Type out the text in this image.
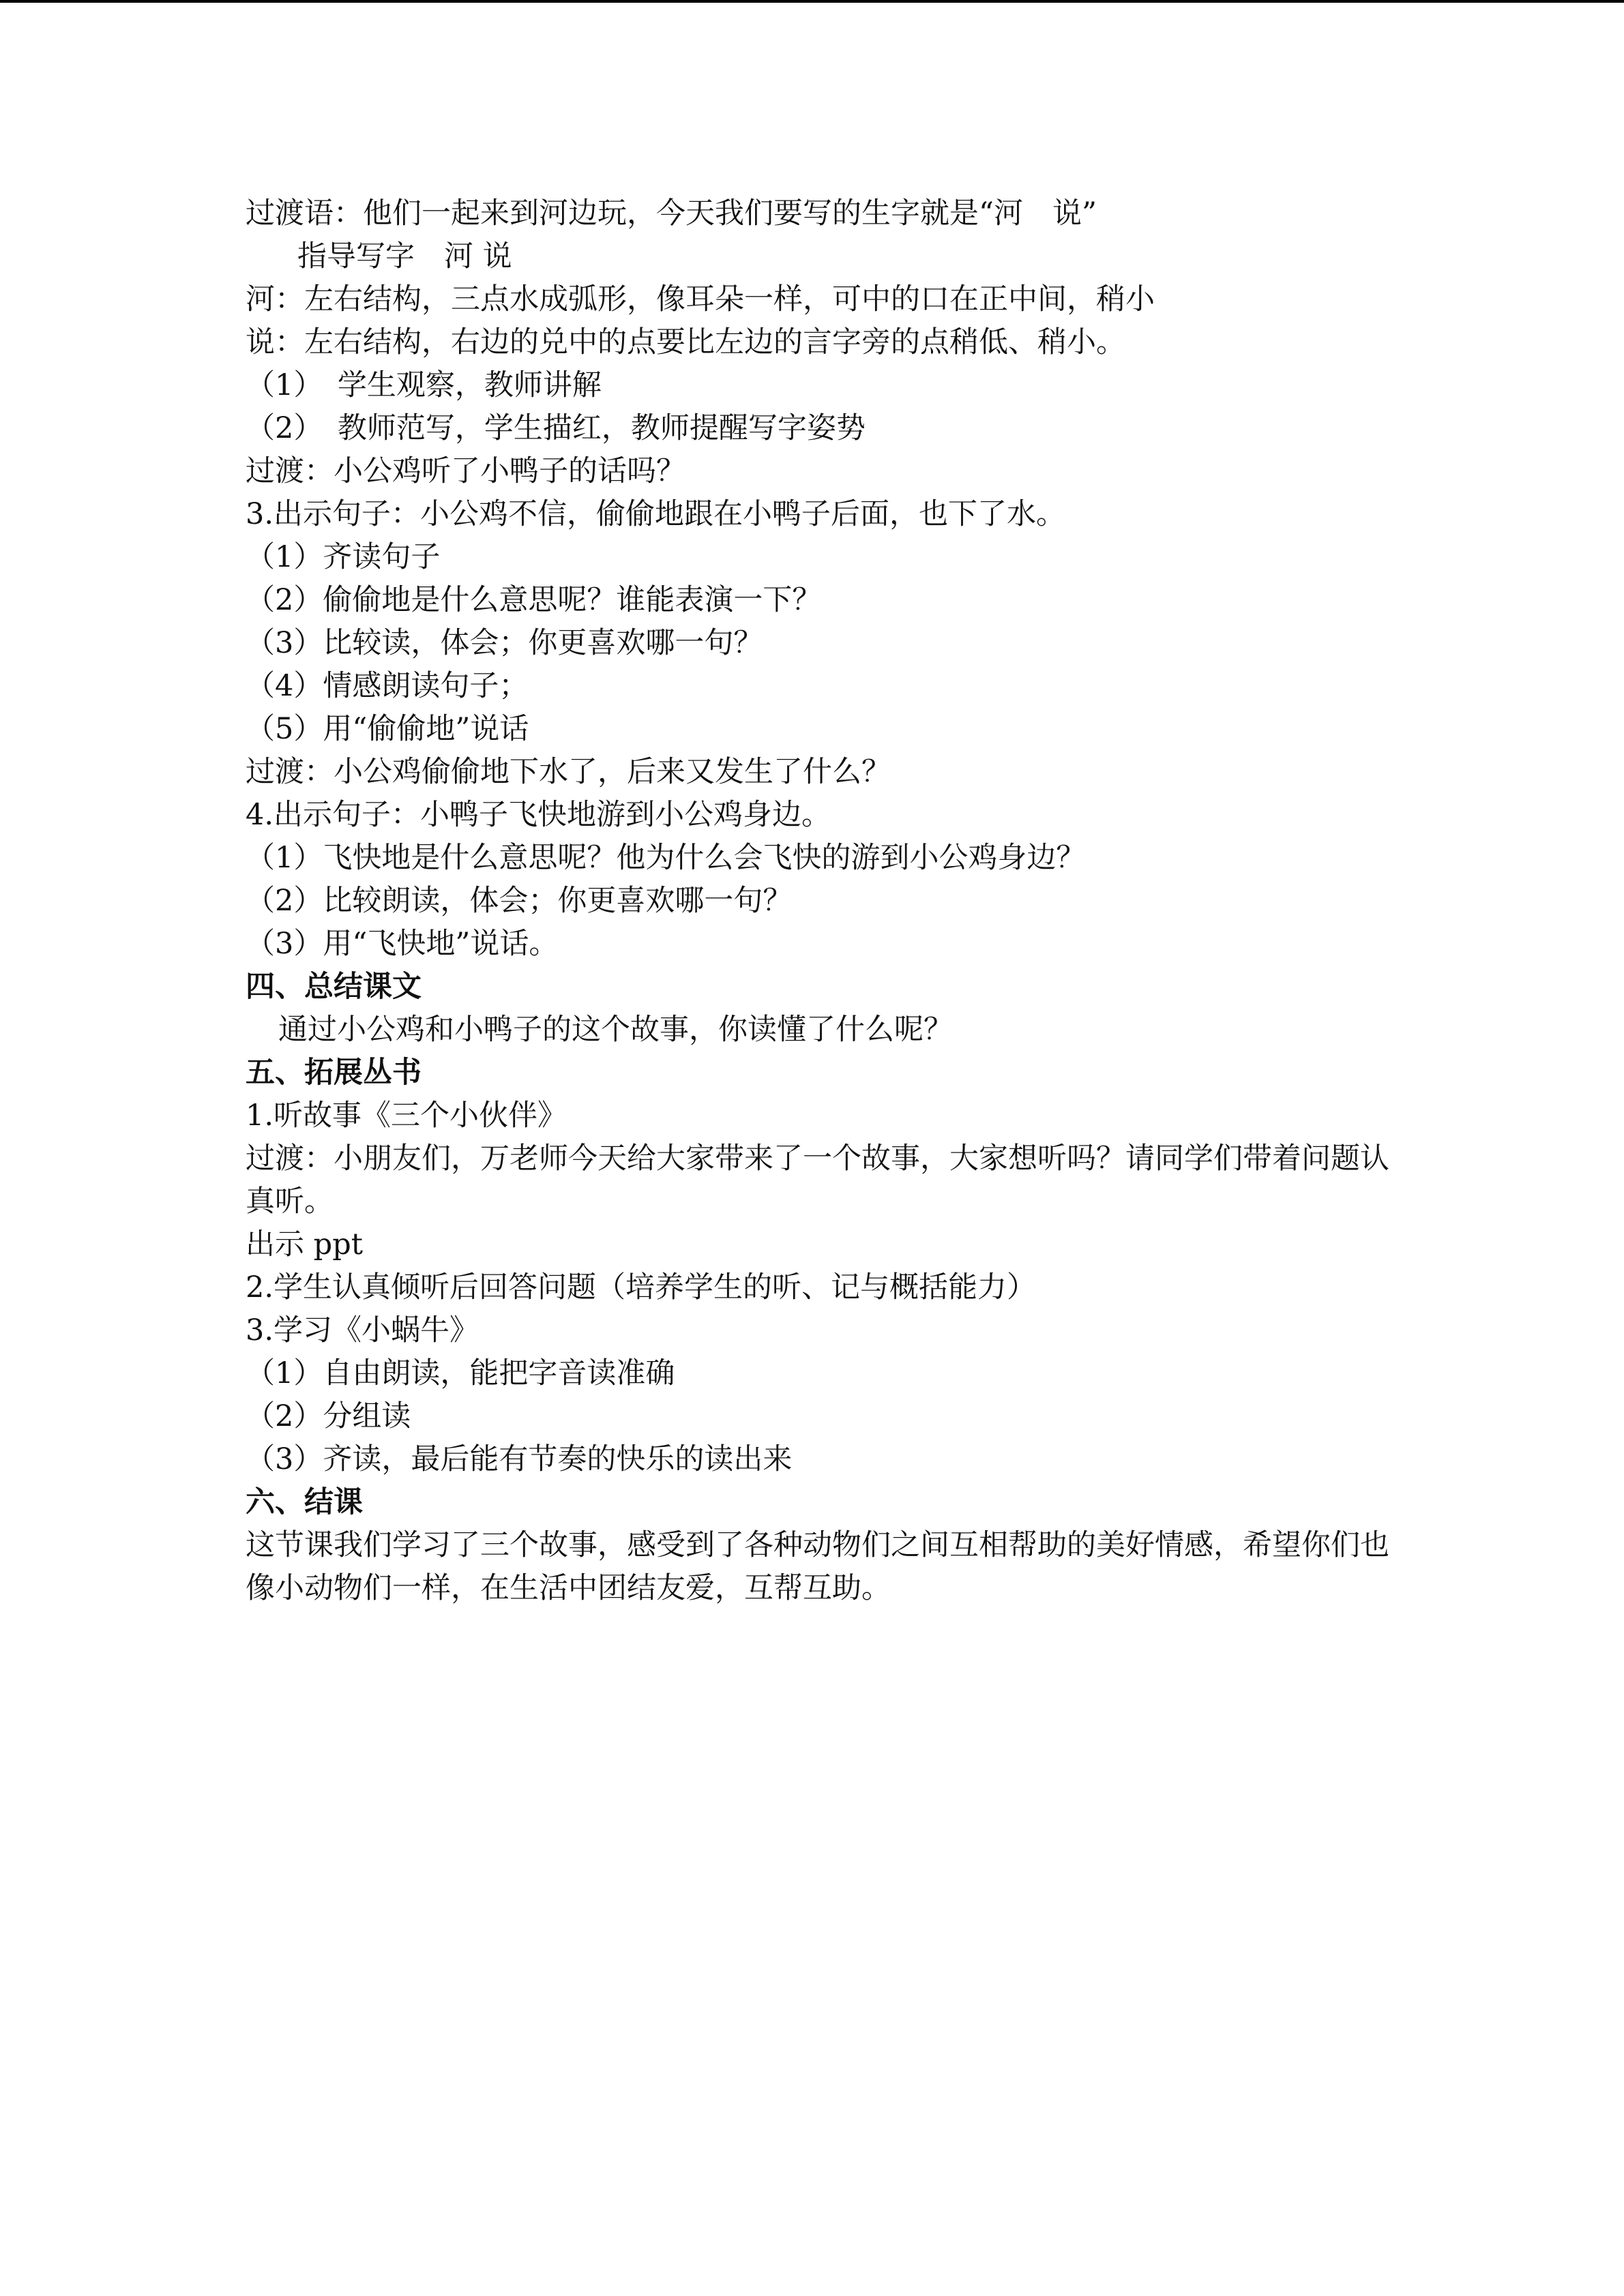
过渡语：他们一起来到河边玩，今天我们要写的生字就是“河　说”
指导写字　河 说
河：左右结构，三点水成弧形，像耳朵一样，可中的口在正中间，稍小
说：左右结构，右边的兑中的点要比左边的言字旁的点稍低、稍小。
（1）　学生观察，教师讲解
（2）　教师范写，学生描红，教师提醒写字姿势
过渡：小公鸡听了小鸭子的话吗？
3.出示句子：小公鸡不信，偷偷地跟在小鸭子后面，也下了水。
（1）齐读句子
（2）偷偷地是什么意思呢？谁能表演一下？
（3）比较读，体会；你更喜欢哪一句？
（4）情感朗读句子；
（5）用“偷偷地”说话
过渡：小公鸡偷偷地下水了，后来又发生了什么？
4.出示句子：小鸭子飞快地游到小公鸡身边。
（1）飞快地是什么意思呢？他为什么会飞快的游到小公鸡身边？
（2）比较朗读，体会；你更喜欢哪一句？
（3）用“飞快地”说话。
四、总结课文
通过小公鸡和小鸭子的这个故事，你读懂了什么呢？
五、拓展丛书
1.听故事《三个小伙伴》
过渡：小朋友们，万老师今天给大家带来了一个故事，大家想听吗？请同学们带着问题认真听。
出示 ppt
2.学生认真倾听后回答问题（培养学生的听、记与概括能力）
3.学习《小蜗牛》
（1）自由朗读，能把字音读准确
（2）分组读
（3）齐读，最后能有节奏的快乐的读出来
六、结课
这节课我们学习了三个故事，感受到了各种动物们之间互相帮助的美好情感，希望你们也像小动物们一样，在生活中团结友爱，互帮互助。
